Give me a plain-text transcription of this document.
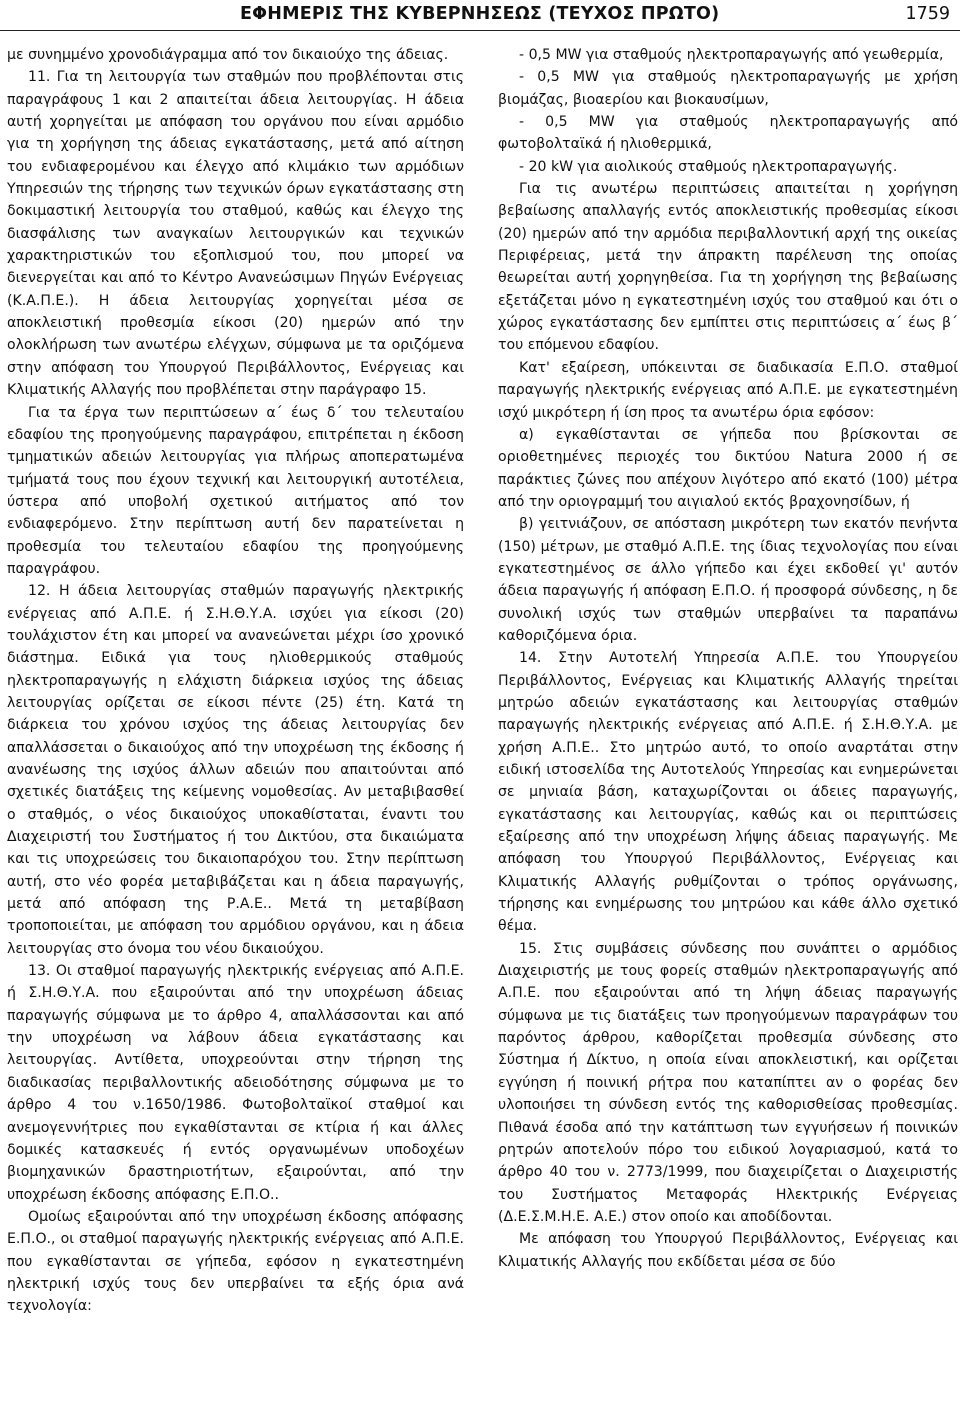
ΕΦΗΜΕΡΙΣ ΤΗΣ ΚΥΒΕΡΝΗΣΕΩΣ (ΤΕΥΧΟΣ ΠΡΩΤΟ)	1759

με συνημμένο χρονοδιάγραμμα από τον δικαιούχο της άδειας.

11. Για τη λειτουργία των σταθμών που προβλέπονται στις παραγράφους 1 και 2 απαιτείται άδεια λειτουργίας. Η άδεια αυτή χορηγείται με απόφαση του οργάνου που είναι αρμόδιο για τη χορήγηση της άδειας εγκατάστασης, μετά από αίτηση του ενδιαφερομένου και έλεγχο από κλιμάκιο των αρμόδιων Υπηρεσιών της τήρησης των τεχνικών όρων εγκατάστασης στη δοκιμαστική λειτουργία του σταθμού, καθώς και έλεγχο της διασφάλισης των αναγκαίων λειτουργικών και τεχνικών χαρακτηριστικών του εξοπλισμού του, που μπορεί να διενεργείται και από το Κέντρο Ανανεώσιμων Πηγών Ενέργειας (Κ.Α.Π.Ε.). Η άδεια λειτουργίας χορηγείται μέσα σε αποκλειστική προθεσμία είκοσι (20) ημερών από την ολοκλήρωση των ανωτέρω ελέγχων, σύμφωνα με τα οριζόμενα στην απόφαση του Υπουργού Περιβάλλοντος, Ενέργειας και Κλιματικής Αλλαγής που προβλέπεται στην παράγραφο 15.

Για τα έργα των περιπτώσεων α΄ έως δ΄ του τελευταίου εδαφίου της προηγούμενης παραγράφου, επιτρέπεται η έκδοση τμηματικών αδειών λειτουργίας για πλήρως αποπερατωμένα τμήματά τους που έχουν τεχνική και λειτουργική αυτοτέλεια, ύστερα από υποβολή σχετικού αιτήματος από τον ενδιαφερόμενο. Στην περίπτωση αυτή δεν παρατείνεται η προθεσμία του τελευταίου εδαφίου της προηγούμενης παραγράφου.

12. Η άδεια λειτουργίας σταθμών παραγωγής ηλεκτρικής ενέργειας από Α.Π.Ε. ή Σ.Η.Θ.Υ.Α. ισχύει για είκοσι (20) τουλάχιστον έτη και μπορεί να ανανεώνεται μέχρι ίσο χρονικό διάστημα. Ειδικά για τους ηλιοθερμικούς σταθμούς ηλεκτροπαραγωγής η ελάχιστη διάρκεια ισχύος της άδειας λειτουργίας ορίζεται σε είκοσι πέντε (25) έτη. Κατά τη διάρκεια του χρόνου ισχύος της άδειας λειτουργίας δεν απαλλάσσεται ο δικαιούχος από την υποχρέωση της έκδοσης ή ανανέωσης της ισχύος άλλων αδειών που απαιτούνται από σχετικές διατάξεις της κείμενης νομοθεσίας. Αν μεταβιβασθεί ο σταθμός, ο νέος δικαιούχος υποκαθίσταται, έναντι του Διαχειριστή του Συστήματος ή του Δικτύου, στα δικαιώματα και τις υποχρεώσεις του δικαιοπαρόχου του. Στην περίπτωση αυτή, στο νέο φορέα μεταβιβάζεται και η άδεια παραγωγής, μετά από απόφαση της Ρ.Α.Ε.. Μετά τη μεταβίβαση τροποποιείται, με απόφαση του αρμόδιου οργάνου, και η άδεια λειτουργίας στο όνομα του νέου δικαιούχου.

13. Οι σταθμοί παραγωγής ηλεκτρικής ενέργειας από Α.Π.Ε. ή Σ.Η.Θ.Υ.Α. που εξαιρούνται από την υποχρέωση άδειας παραγωγής σύμφωνα με το άρθρο 4, απαλλάσσονται και από την υποχρέωση να λάβουν άδεια εγκατάστασης και λειτουργίας. Αντίθετα, υποχρεούνται στην τήρηση της διαδικασίας περιβαλλοντικής αδειοδότησης σύμφωνα με το άρθρο 4 του ν.1650/1986. Φωτοβολταϊκοί σταθμοί και ανεμογεννήτριες που εγκαθίστανται σε κτίρια ή και άλλες δομικές κατασκευές ή εντός οργανωμένων υποδοχέων βιομηχανικών δραστηριοτήτων, εξαιρούνται, από την υποχρέωση έκδοσης απόφασης Ε.Π.Ο..

Ομοίως εξαιρούνται από την υποχρέωση έκδοσης απόφασης Ε.Π.Ο., οι σταθμοί παραγωγής ηλεκτρικής ενέργειας από Α.Π.Ε. που εγκαθίστανται σε γήπεδα, εφόσον η εγκατεστημένη ηλεκτρική ισχύς τους δεν υπερβαίνει τα εξής όρια ανά τεχνολογία:

- 0,5 MW για σταθμούς ηλεκτροπαραγωγής από γεωθερμία,

- 0,5 MW για σταθμούς ηλεκτροπαραγωγής με χρήση βιομάζας, βιοαερίου και βιοκαυσίμων,

- 0,5 MW για σταθμούς ηλεκτροπαραγωγής από φωτοβολταϊκά ή ηλιοθερμικά,

- 20 kW για αιολικούς σταθμούς ηλεκτροπαραγωγής.

Για τις ανωτέρω περιπτώσεις απαιτείται η χορήγηση βεβαίωσης απαλλαγής εντός αποκλειστικής προθεσμίας είκοσι (20) ημερών από την αρμόδια περιβαλλοντική αρχή της οικείας Περιφέρειας, μετά την άπρακτη παρέλευση της οποίας θεωρείται αυτή χορηγηθείσα. Για τη χορήγηση της βεβαίωσης εξετάζεται μόνο η εγκατεστημένη ισχύς του σταθμού και ότι ο χώρος εγκατάστασης δεν εμπίπτει στις περιπτώσεις α΄ έως β΄ του επόμενου εδαφίου.

Κατ' εξαίρεση, υπόκεινται σε διαδικασία Ε.Π.Ο. σταθμοί παραγωγής ηλεκτρικής ενέργειας από Α.Π.Ε. με εγκατεστημένη ισχύ μικρότερη ή ίση προς τα ανωτέρω όρια εφόσον:

α) εγκαθίστανται σε γήπεδα που βρίσκονται σε οριοθετημένες περιοχές του δικτύου Natura 2000 ή σε παράκτιες ζώνες που απέχουν λιγότερο από εκατό (100) μέτρα από την οριογραμμή του αιγιαλού εκτός βραχονησίδων, ή

β) γειτνιάζουν, σε απόσταση μικρότερη των εκατόν πενήντα (150) μέτρων, με σταθμό Α.Π.Ε. της ίδιας τεχνολογίας που είναι εγκατεστημένος σε άλλο γήπεδο και έχει εκδοθεί γι' αυτόν άδεια παραγωγής ή απόφαση Ε.Π.Ο. ή προσφορά σύνδεσης, η δε συνολική ισχύς των σταθμών υπερβαίνει τα παραπάνω καθοριζόμενα όρια.

14. Στην Αυτοτελή Υπηρεσία Α.Π.Ε. του Υπουργείου Περιβάλλοντος, Ενέργειας και Κλιματικής Αλλαγής τηρείται μητρώο αδειών εγκατάστασης και λειτουργίας σταθμών παραγωγής ηλεκτρικής ενέργειας από Α.Π.Ε. ή Σ.Η.Θ.Υ.Α. με χρήση Α.Π.Ε.. Στο μητρώο αυτό, το οποίο αναρτάται στην ειδική ιστοσελίδα της Αυτοτελούς Υπηρεσίας και ενημερώνεται σε μηνιαία βάση, καταχωρίζονται οι άδειες παραγωγής, εγκατάστασης και λειτουργίας, καθώς και οι περιπτώσεις εξαίρεσης από την υποχρέωση λήψης άδειας παραγωγής. Με απόφαση του Υπουργού Περιβάλλοντος, Ενέργειας και Κλιματικής Αλλαγής ρυθμίζονται ο τρόπος οργάνωσης, τήρησης και ενημέρωσης του μητρώου και κάθε άλλο σχετικό θέμα.

15. Στις συμβάσεις σύνδεσης που συνάπτει ο αρμόδιος Διαχειριστής με τους φορείς σταθμών ηλεκτροπαραγωγής από Α.Π.Ε. που εξαιρούνται από τη λήψη άδειας παραγωγής σύμφωνα με τις διατάξεις των προηγούμενων παραγράφων του παρόντος άρθρου, καθορίζεται προθεσμία σύνδεσης στο Σύστημα ή Δίκτυο, η οποία είναι αποκλειστική, και ορίζεται εγγύηση ή ποινική ρήτρα που καταπίπτει αν ο φορέας δεν υλοποιήσει τη σύνδεση εντός της καθορισθείσας προθεσμίας. Πιθανά έσοδα από την κατάπτωση των εγγυήσεων ή ποινικών ρητρών αποτελούν πόρο του ειδικού λογαριασμού, κατά το άρθρο 40 του ν. 2773/1999, που διαχειρίζεται ο Διαχειριστής του Συστήματος Μεταφοράς Ηλεκτρικής Ενέργειας (Δ.Ε.Σ.Μ.Η.Ε. Α.Ε.) στον οποίο και αποδίδονται.

Με απόφαση του Υπουργού Περιβάλλοντος, Ενέργειας και Κλιματικής Αλλαγής που εκδίδεται μέσα σε δύο
